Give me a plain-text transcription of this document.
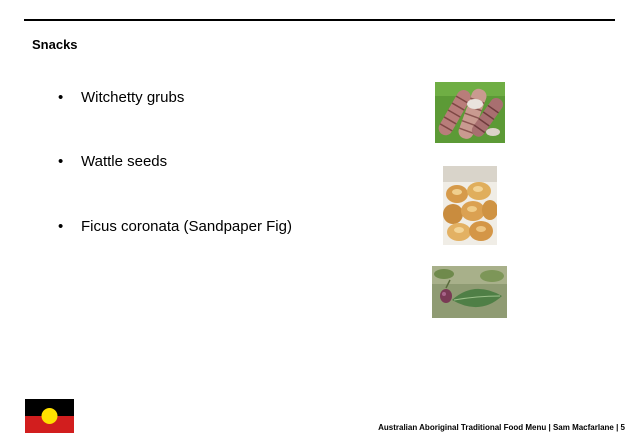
Snacks
• Witchetty grubs
• Wattle seeds
• Ficus coronata (Sandpaper Fig)
Australian Aboriginal Traditional Food Menu | Sam Macfarlane | 5
